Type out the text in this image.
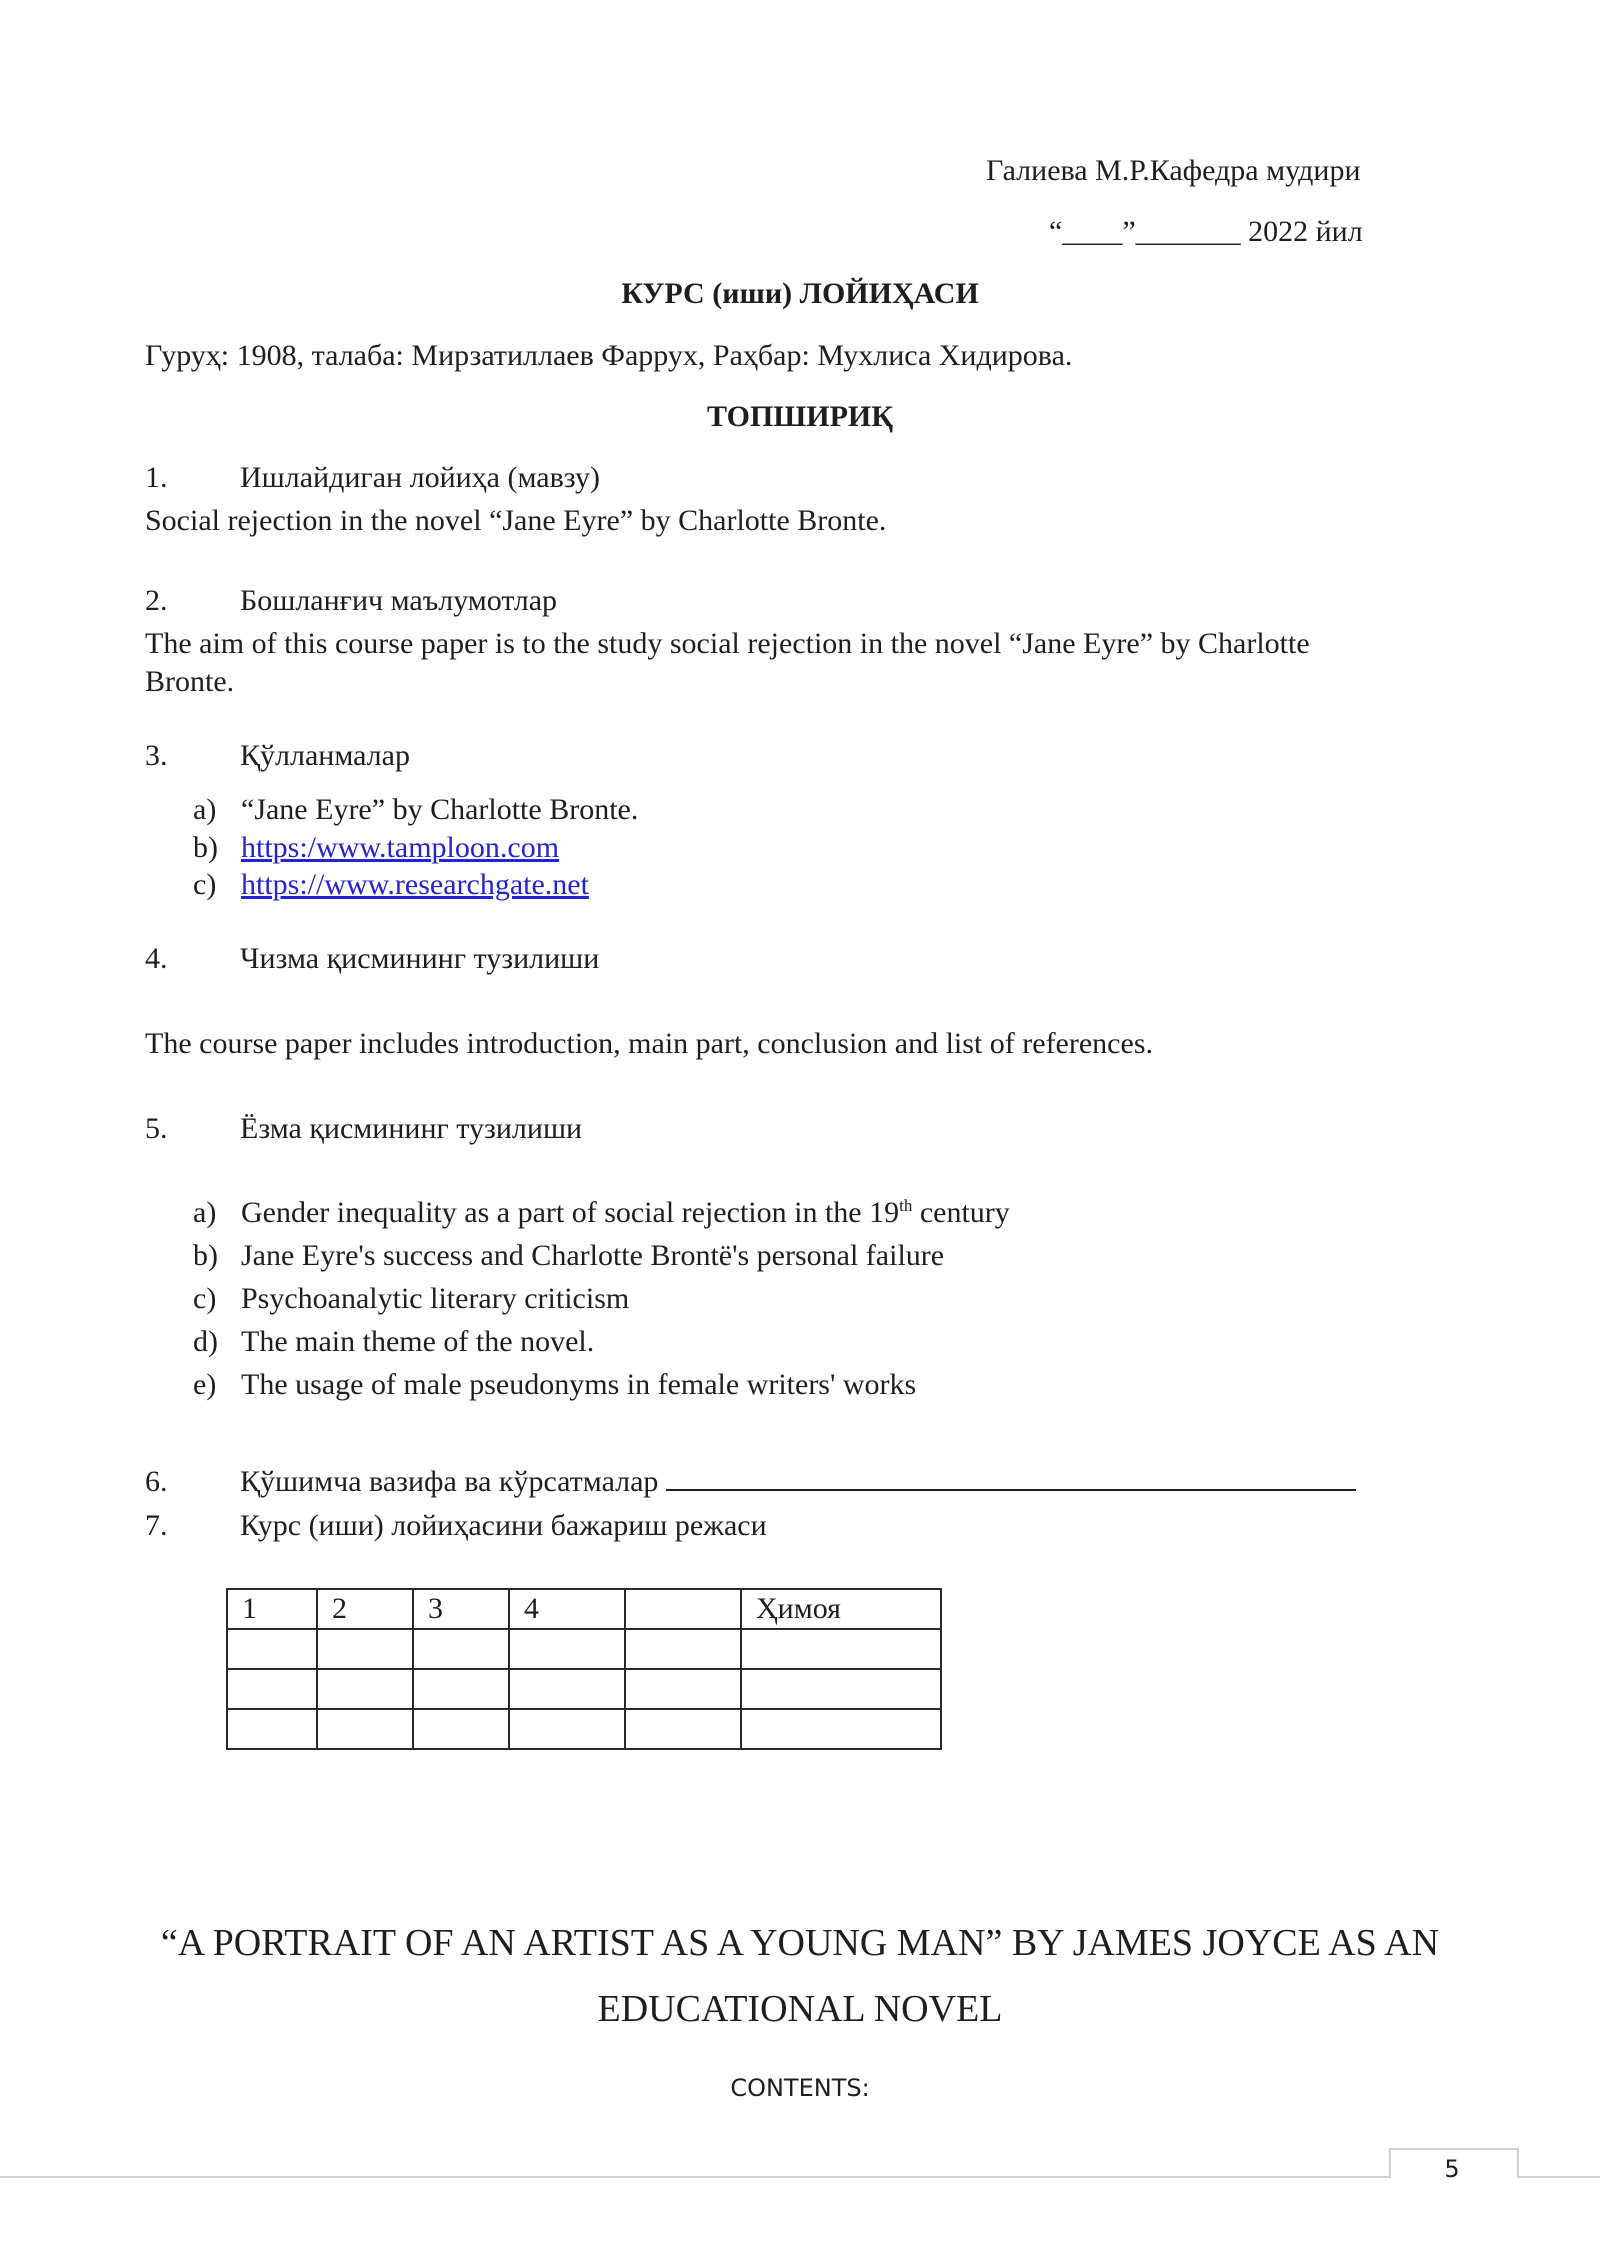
Галиева М.Р.Кафедра мудири
“____”_______ 2022 йил
КУРС (иши) ЛОЙИҲАСИ
Гуруҳ: 1908, талаба: Мирзатиллаев Фаррух, Раҳбар: Мухлиса Хидирова.
ТОПШИРИҚ
1. Ишлайдиган лойиҳа (мавзу)
Social rejection in the novel “Jane Eyre” by Charlotte Bronte.
2. Бошланғич маълумотлар
The aim of this course paper is to the study social rejection in the novel “Jane Eyre” by Charlotte
Bronte.
3. Қўлланмалар
a) “Jane Eyre” by Charlotte Bronte.
b) https:/www.tamploon.com
c) https://www.researchgate.net
4. Чизма қисмининг тузилиши
The course paper includes introduction, main part, conclusion and list of references.
5. Ёзма қисмининг тузилиши
a) Gender inequality as a part of social rejection in the 19th century
b) Jane Eyre's success and Charlotte Brontë's personal failure
c) Psychoanalytic literary criticism
d) The main theme of the novel.
e) The usage of male pseudonyms in female writers' works
6. Қўшимча вазифа ва кўрсатмалар
7. Курс (иши) лойиҳасини бажариш режаси
1	2	3	4		Ҳимоя

“A PORTRAIT OF AN ARTIST AS A YOUNG MAN” BY JAMES JOYCE AS AN
EDUCATIONAL NOVEL
CONTENTS:
5
